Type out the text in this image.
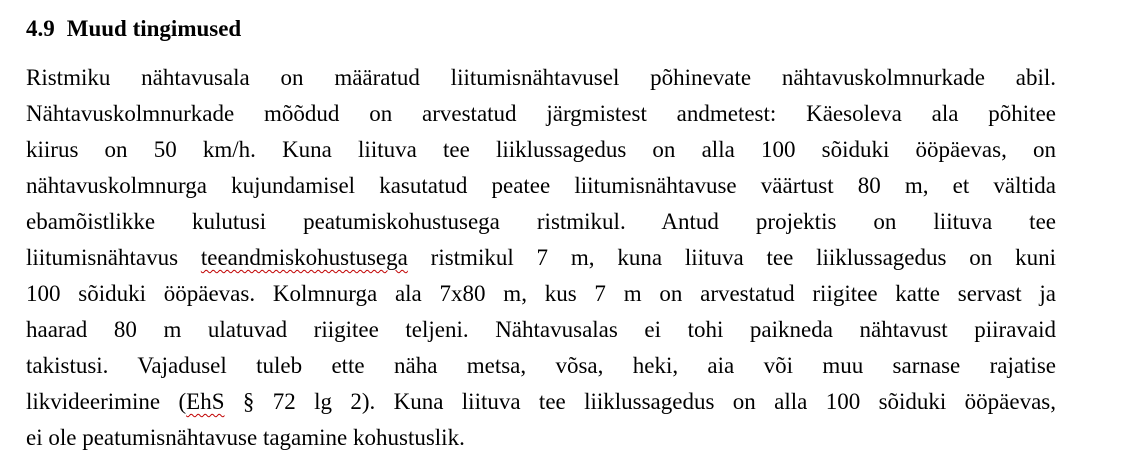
4.9 Muud tingimused
Ristmiku nähtavusala on määratud liitumisnähtavusel põhinevate nähtavuskolmnurkade abil.
Nähtavuskolmnurkade mõõdud on arvestatud järgmistest andmetest: Käesoleva ala põhitee
kiirus on 50 km/h. Kuna liituva tee liiklussagedus on alla 100 sõiduki ööpäevas, on
nähtavuskolmnurga kujundamisel kasutatud peatee liitumisnähtavuse väärtust 80 m, et vältida
ebamõistlikke kulutusi peatumiskohustusega ristmikul. Antud projektis on liituva tee
liitumisnähtavus teeandmiskohustusega ristmikul 7 m, kuna liituva tee liiklussagedus on kuni
100 sõiduki ööpäevas. Kolmnurga ala 7x80 m, kus 7 m on arvestatud riigitee katte servast ja
haarad 80 m ulatuvad riigitee teljeni. Nähtavusalas ei tohi paikneda nähtavust piiravaid
takistusi. Vajadusel tuleb ette näha metsa, võsa, heki, aia või muu sarnase rajatise
likvideerimine (EhS § 72 lg 2). Kuna liituva tee liiklussagedus on alla 100 sõiduki ööpäevas,
ei ole peatumisnähtavuse tagamine kohustuslik.
